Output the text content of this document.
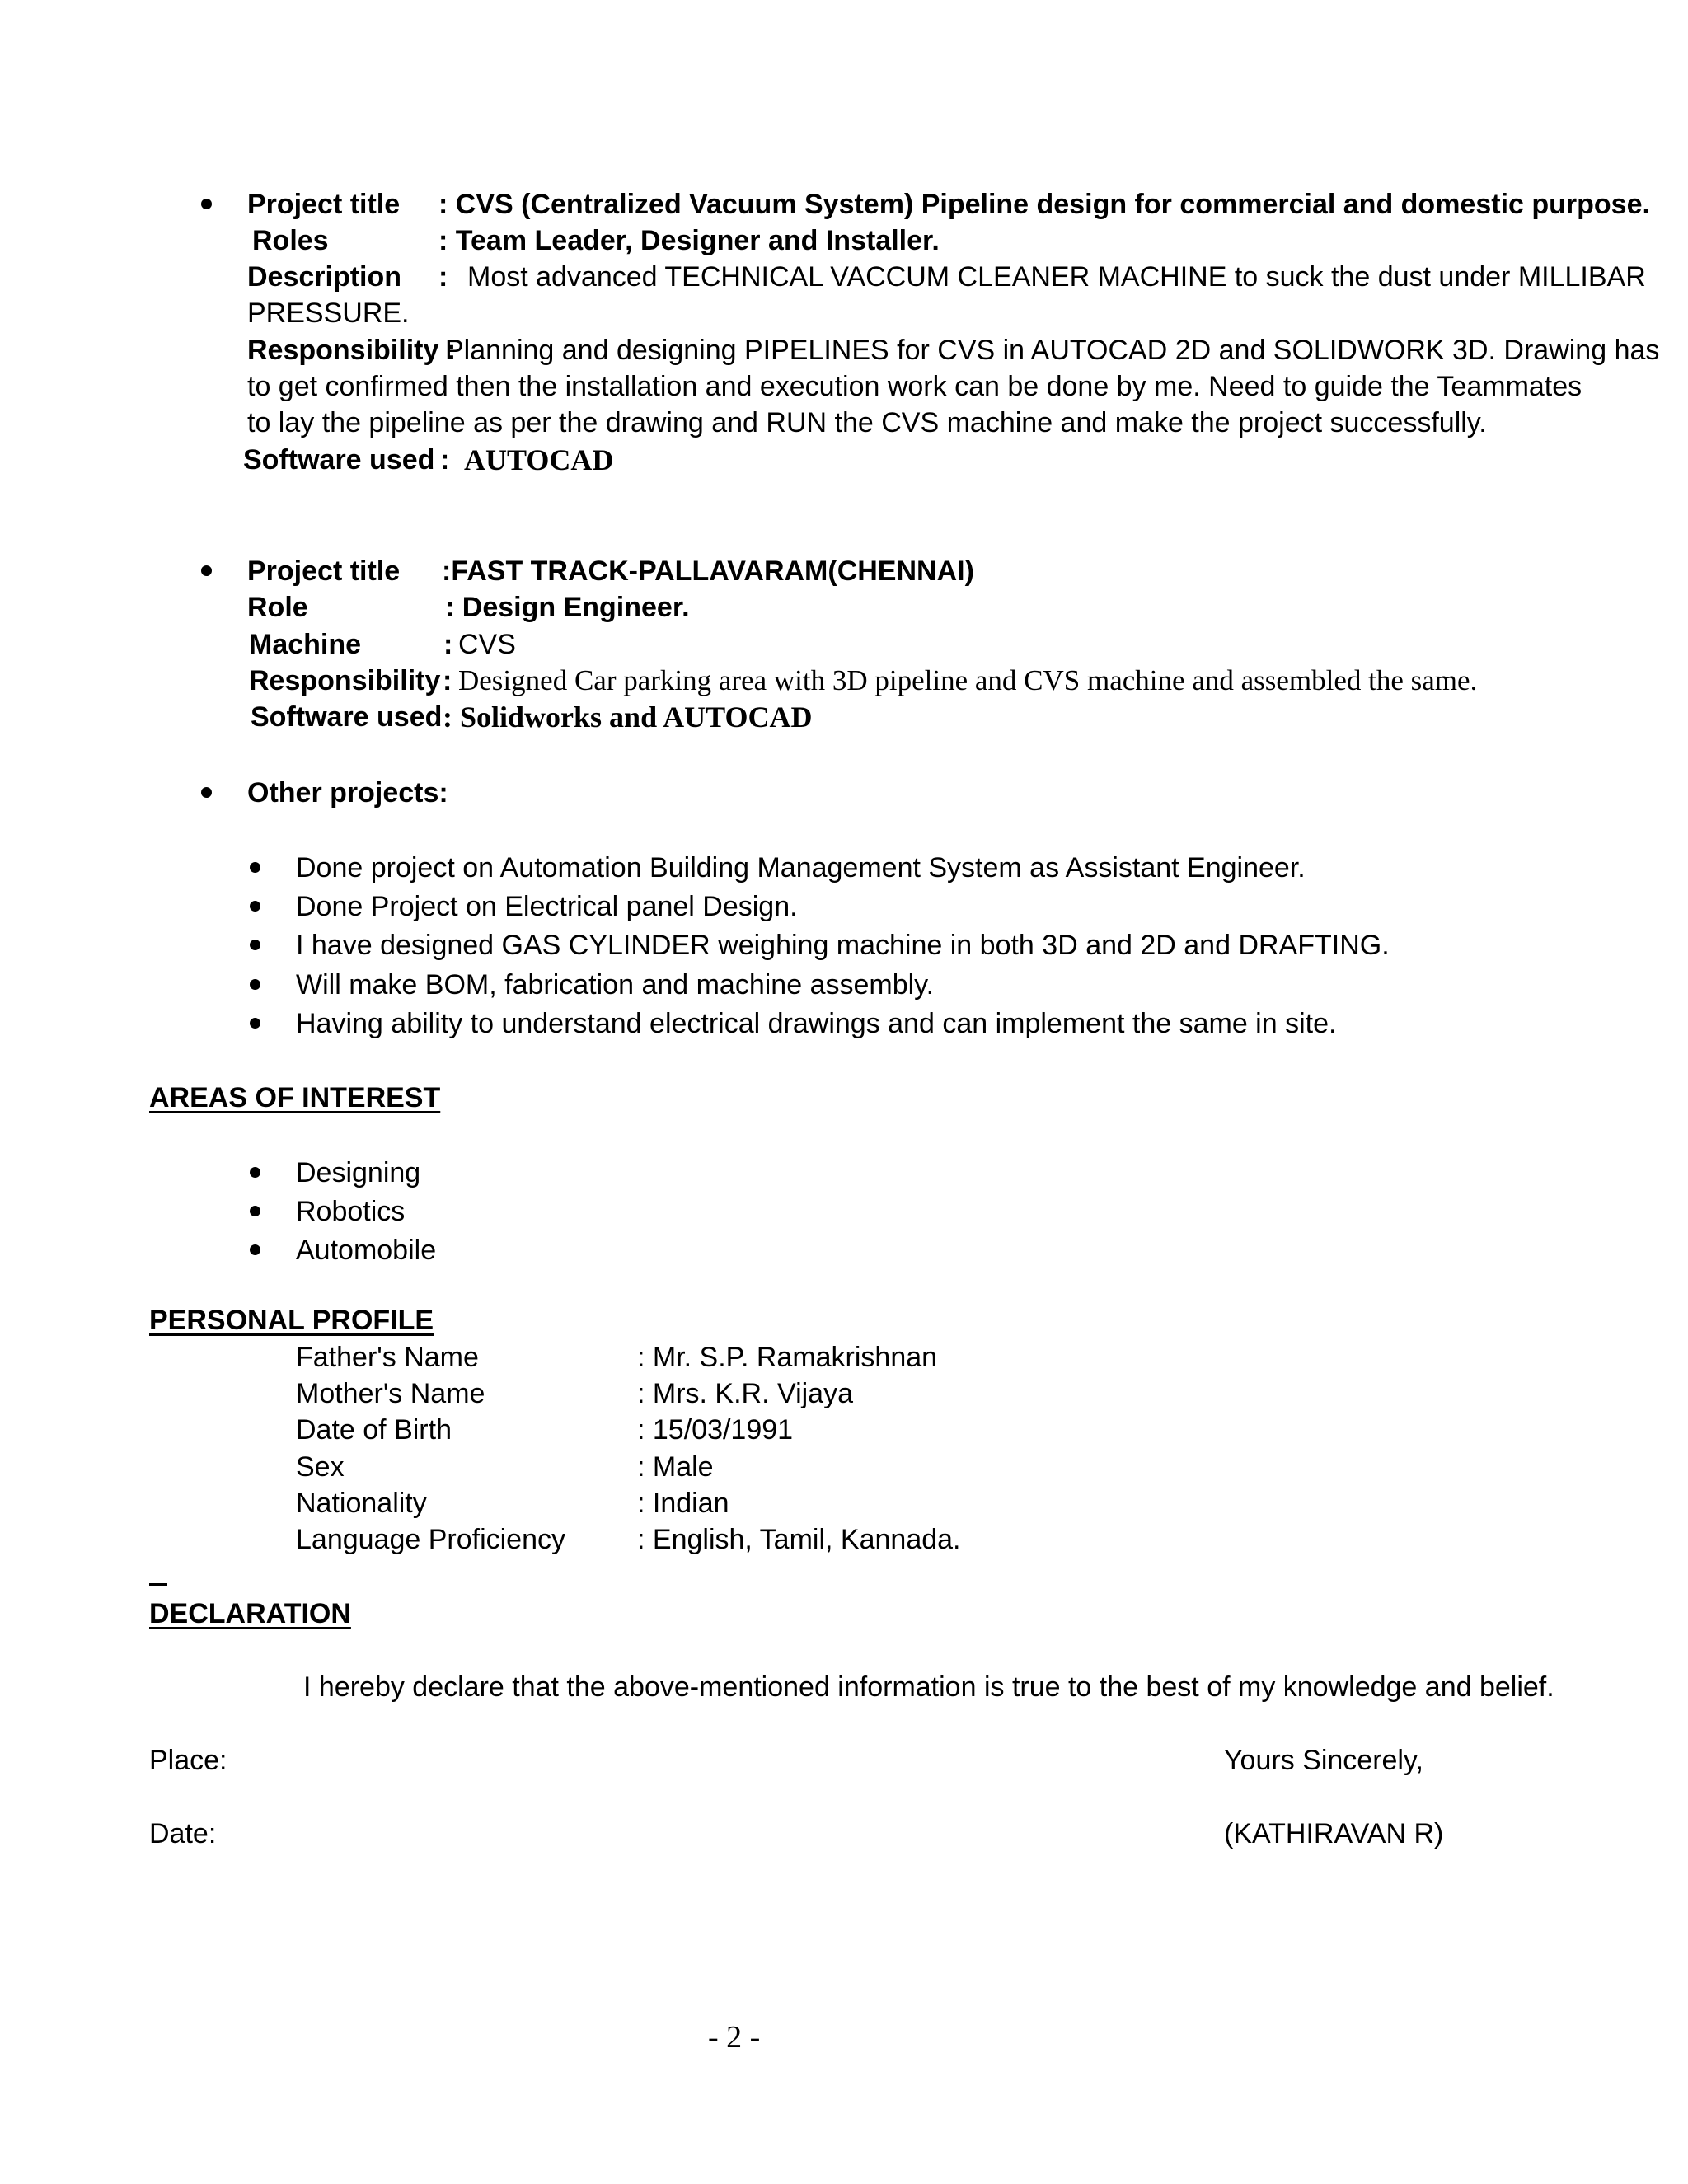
Project title : CVS (Centralized Vacuum System) Pipeline design for commercial and domestic purpose.
Roles	: Team Leader, Designer and Installer.
Description : Most advanced TECHNICAL VACCUM CLEANER MACHINE to suck the dust under MILLIBAR
PRESSURE.
Responsibility :
Planning and designing PIPELINES for CVS in AUTOCAD 2D and SOLIDWORK 3D. Drawing has
to get confirmed then the installation and execution work can be done by me. Need to guide the Teammates
to lay the pipeline as per the drawing and RUN the CVS machine and make the project successfully.
Software used : AUTOCAD
Project title :FAST TRACK-PALLAVARAM(CHENNAI)
Role	: Design Engineer.
Machine	: CVS
Responsibility : Designed Car parking area with 3D pipeline and CVS machine and assembled the same.
Software used : Solidworks and AUTOCAD
Other projects:
Done project on Automation Building Management System as Assistant Engineer.
Done Project on Electrical panel Design.
I have designed GAS CYLINDER weighing machine in both 3D and 2D and DRAFTING.
Will make BOM, fabrication and machine assembly.
Having ability to understand electrical drawings and can implement the same in site.
AREAS OF INTEREST
Designing
Robotics
Automobile
PERSONAL PROFILE
Father's Name	: Mr. S.P. Ramakrishnan
Mother's Name	: Mrs. K.R. Vijaya
Date of Birth	: 15/03/1991
Sex	: Male
Nationality	: Indian
Language Proficiency	: English, Tamil, Kannada.
DECLARATION
I hereby declare that the above-mentioned information is true to the best of my knowledge and belief.
Place:	Yours Sincerely,
Date:	(KATHIRAVAN R)
- 2 -
